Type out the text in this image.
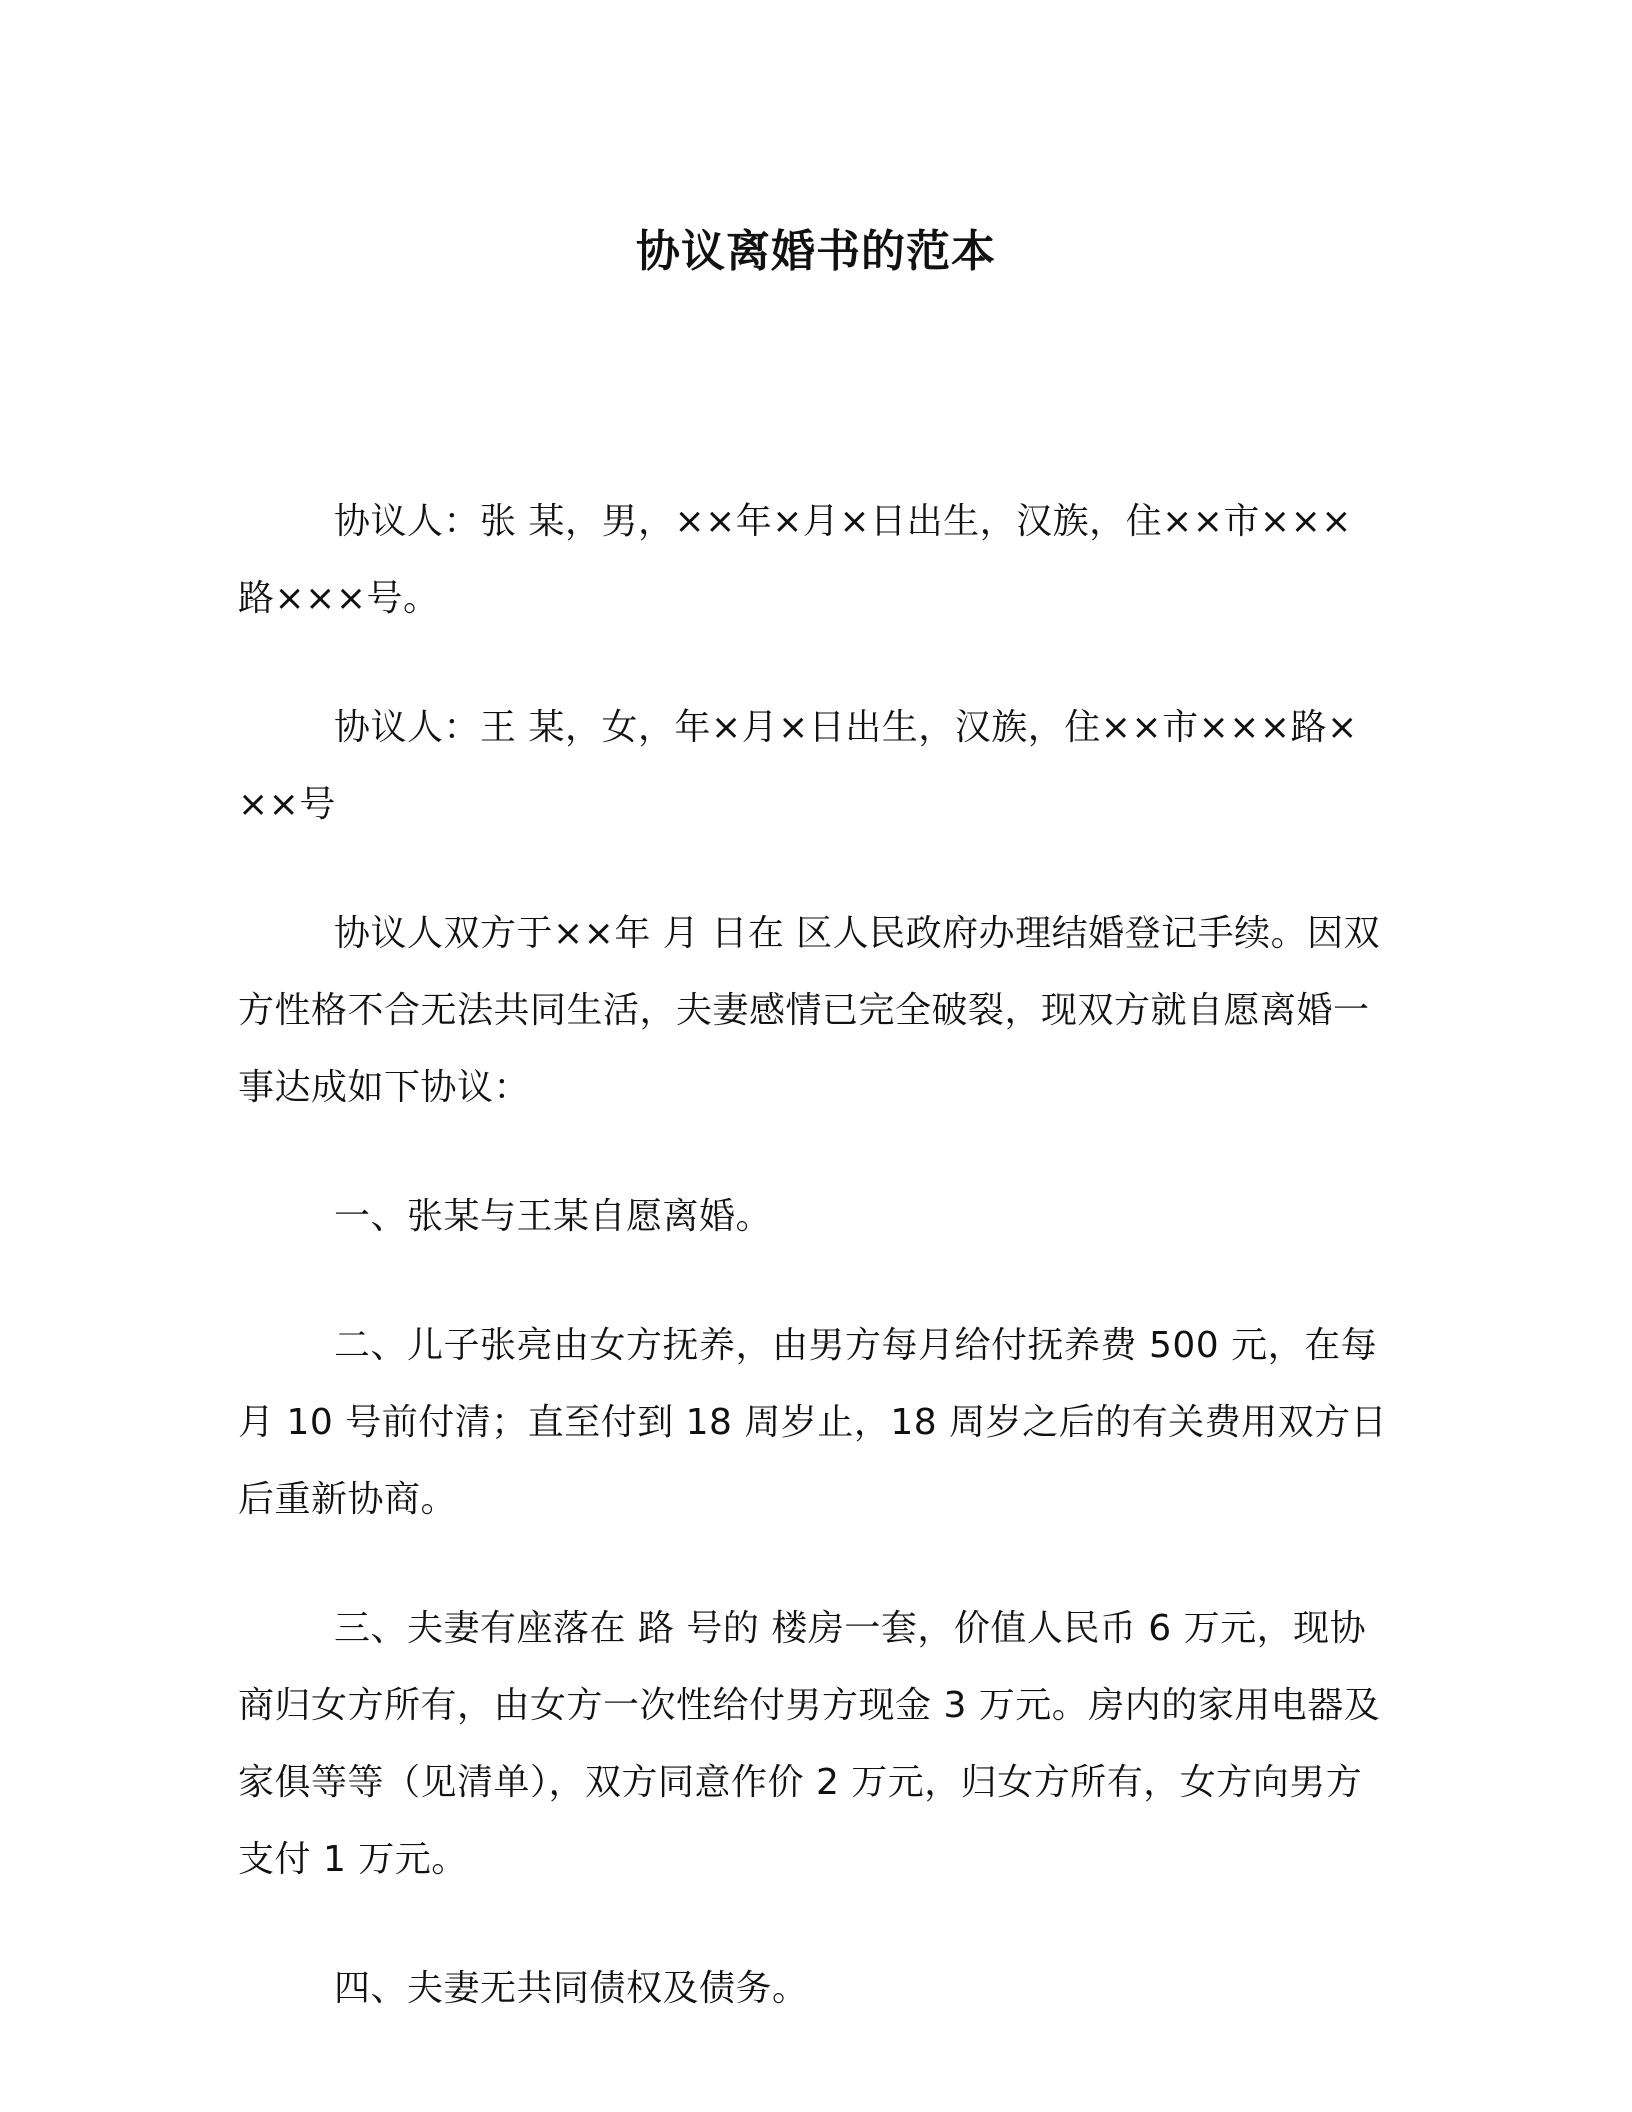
协议离婚书的范本

协议人：张 某，男，××年×月×日出生，汉族，住××市×××路×××号。

协议人：王 某，女，年×月×日出生，汉族，住××市×××路×××号

协议人双方于××年 月 日在 区人民政府办理结婚登记手续。因双方性格不合无法共同生活，夫妻感情已完全破裂，现双方就自愿离婚一事达成如下协议：

一、张某与王某自愿离婚。

二、儿子张亮由女方抚养，由男方每月给付抚养费 500 元，在每月 10 号前付清；直至付到 18 周岁止，18 周岁之后的有关费用双方日后重新协商。

三、夫妻有座落在 路 号的 楼房一套，价值人民币 6 万元，现协商归女方所有，由女方一次性给付男方现金 3 万元。房内的家用电器及家俱等等（见清单），双方同意作价 2 万元，归女方所有，女方向男方支付 1 万元。

四、夫妻无共同债权及债务。
